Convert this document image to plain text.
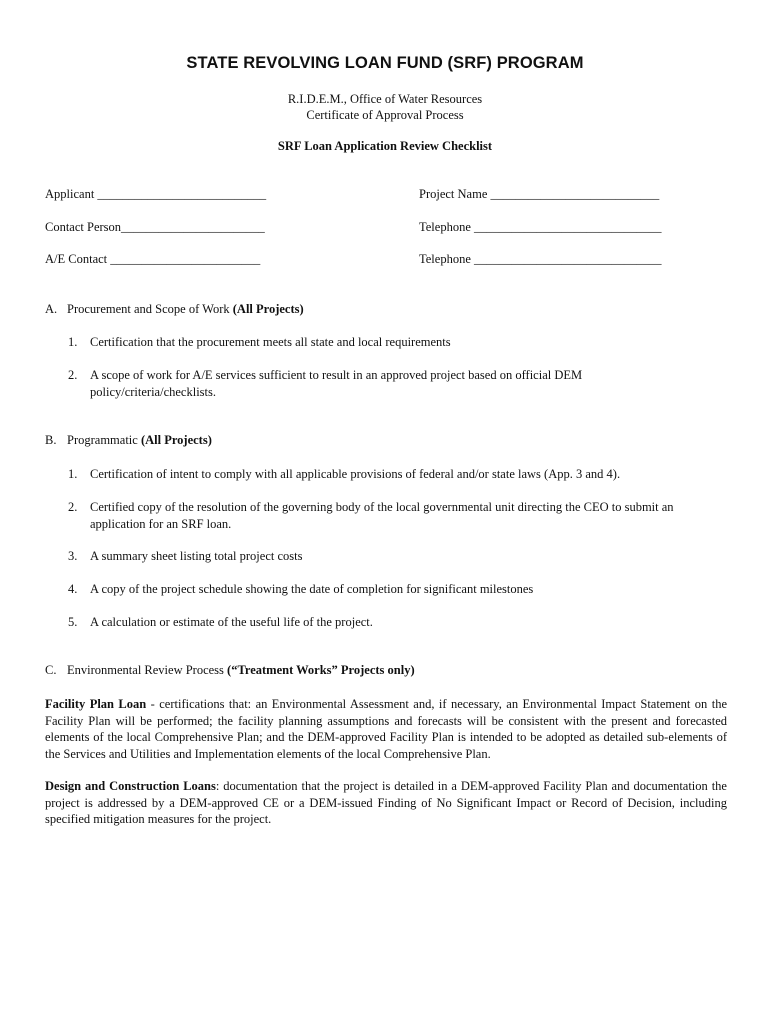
STATE REVOLVING LOAN FUND (SRF) PROGRAM
R.I.D.E.M., Office of Water Resources
Certificate of Approval Process
SRF Loan Application Review Checklist
Applicant ___________________________	Project Name ___________________________
Contact Person_______________________	Telephone ______________________________
A/E Contact ________________________	Telephone ______________________________
A. Procurement and Scope of Work (All Projects)
1.	Certification that the procurement meets all state and local requirements
2.	A scope of work for A/E services sufficient to result in an approved project based on official DEM policy/criteria/checklists.
B. Programmatic (All Projects)
1.	Certification of intent to comply with all applicable provisions of federal and/or state laws (App. 3 and 4).
2.	Certified copy of the resolution of the governing body of the local governmental unit directing the CEO to submit an application for an SRF loan.
3.	A summary sheet listing total project costs
4.	A copy of the project schedule showing the date of completion for significant milestones
5.	A calculation or estimate of the useful life of the project.
C. Environmental Review Process (“Treatment Works” Projects only)
Facility Plan Loan - certifications that: an Environmental Assessment and, if necessary, an Environmental Impact Statement on the Facility Plan will be performed; the facility planning assumptions and forecasts will be consistent with the present and forecasted elements of the local Comprehensive Plan; and the DEM-approved Facility Plan is intended to be adopted as detailed sub-elements of the Services and Utilities and Implementation elements of the local Comprehensive Plan.
Design and Construction Loans: documentation that the project is detailed in a DEM-approved Facility Plan and documentation the project is addressed by a DEM-approved CE or a DEM-issued Finding of No Significant Impact or Record of Decision, including specified mitigation measures for the project.
